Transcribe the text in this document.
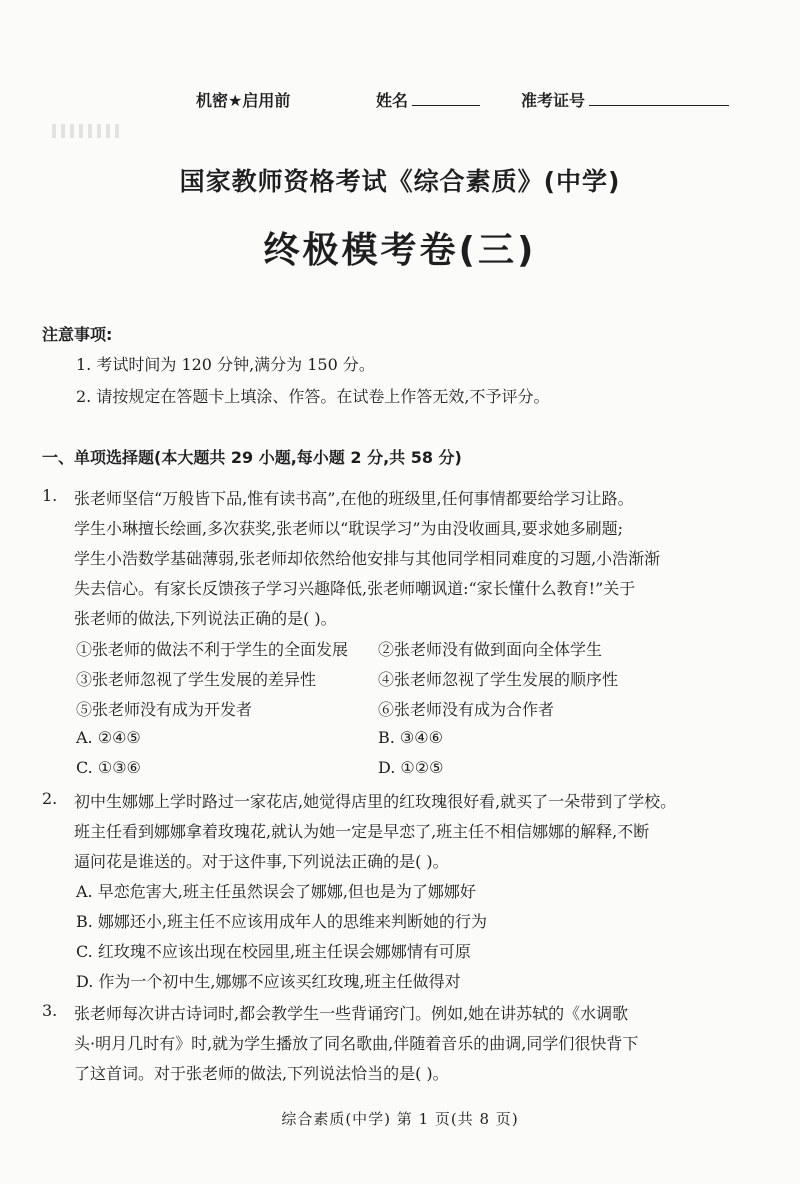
机密★启用前	姓名	准考证号
国家教师资格考试《综合素质》(中学)
终极模考卷(三)
注意事项:
1. 考试时间为 120 分钟,满分为 150 分。
2. 请按规定在答题卡上填涂、作答。在试卷上作答无效,不予评分。
一、单项选择题(本大题共 29 小题,每小题 2 分,共 58 分)
1. 张老师坚信“万般皆下品,惟有读书高”,在他的班级里,任何事情都要给学习让路。
学生小琳擅长绘画,多次获奖,张老师以“耽误学习”为由没收画具,要求她多刷题;
学生小浩数学基础薄弱,张老师却依然给他安排与其他同学相同难度的习题,小浩渐渐
失去信心。有家长反馈孩子学习兴趣降低,张老师嘲讽道:“家长懂什么教育!”关于
张老师的做法,下列说法正确的是( )。
①张老师的做法不利于学生的全面发展 ②张老师没有做到面向全体学生
③张老师忽视了学生发展的差异性	④张老师忽视了学生发展的顺序性
⑤张老师没有成为开发者	⑥张老师没有成为合作者
A. ②④⑤	B. ③④⑥
C. ①③⑥	D. ①②⑤
2. 初中生娜娜上学时路过一家花店,她觉得店里的红玫瑰很好看,就买了一朵带到了学校。
班主任看到娜娜拿着玫瑰花,就认为她一定是早恋了,班主任不相信娜娜的解释,不断
逼问花是谁送的。对于这件事,下列说法正确的是( )。
A. 早恋危害大,班主任虽然误会了娜娜,但也是为了娜娜好
B. 娜娜还小,班主任不应该用成年人的思维来判断她的行为
C. 红玫瑰不应该出现在校园里,班主任误会娜娜情有可原
D. 作为一个初中生,娜娜不应该买红玫瑰,班主任做得对
3. 张老师每次讲古诗词时,都会教学生一些背诵窍门。例如,她在讲苏轼的《水调歌
头·明月几时有》时,就为学生播放了同名歌曲,伴随着音乐的曲调,同学们很快背下
了这首词。对于张老师的做法,下列说法恰当的是( )。
综合素质(中学) 第 1 页(共 8 页)
